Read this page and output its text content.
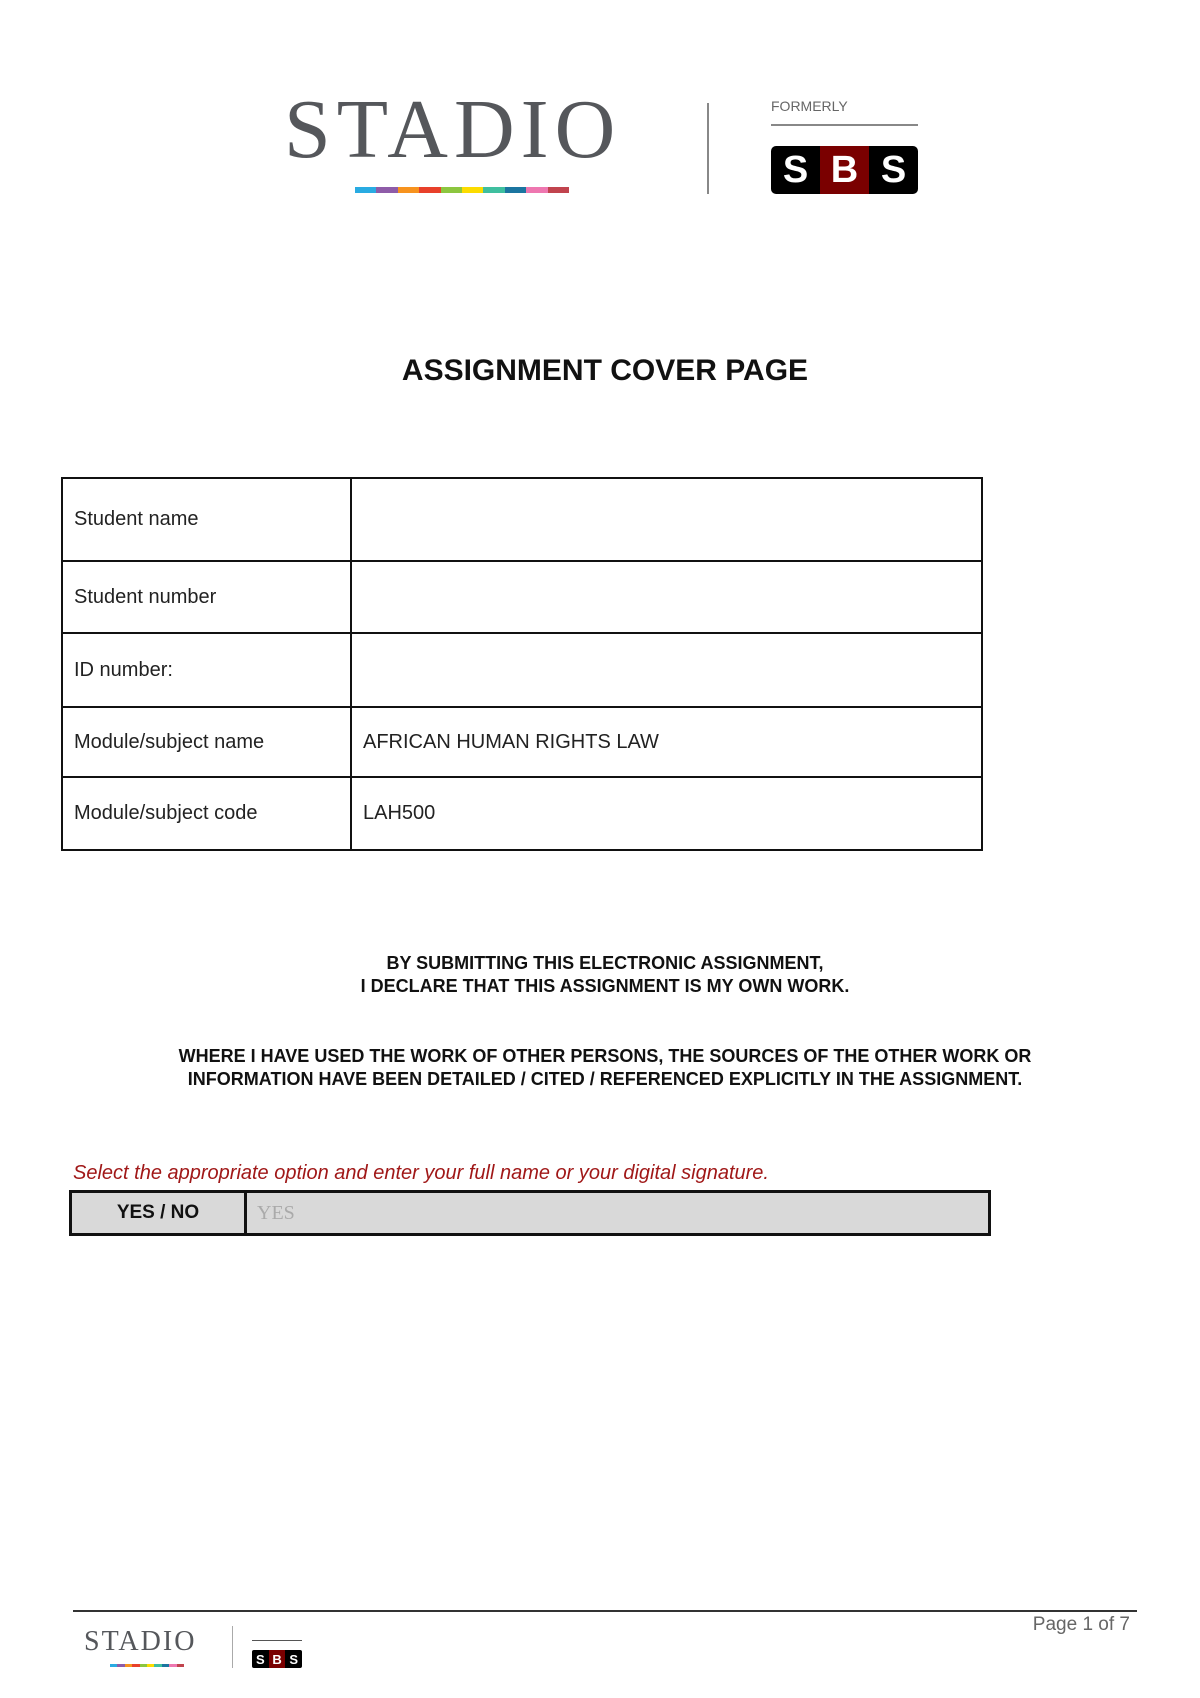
STADIO	FORMERLY
S B S
ASSIGNMENT COVER PAGE
Student name	
Student number	
ID number:	
Module/subject name	AFRICAN HUMAN RIGHTS LAW
Module/subject code	LAH500
BY SUBMITTING THIS ELECTRONIC ASSIGNMENT,
I DECLARE THAT THIS ASSIGNMENT IS MY OWN WORK.
WHERE I HAVE USED THE WORK OF OTHER PERSONS, THE SOURCES OF THE OTHER WORK OR
INFORMATION HAVE BEEN DETAILED / CITED / REFERENCED EXPLICITLY IN THE ASSIGNMENT.
Select the appropriate option and enter your full name or your digital signature.
YES / NO	YES
STADIO
S B S
Page 1 of 7
